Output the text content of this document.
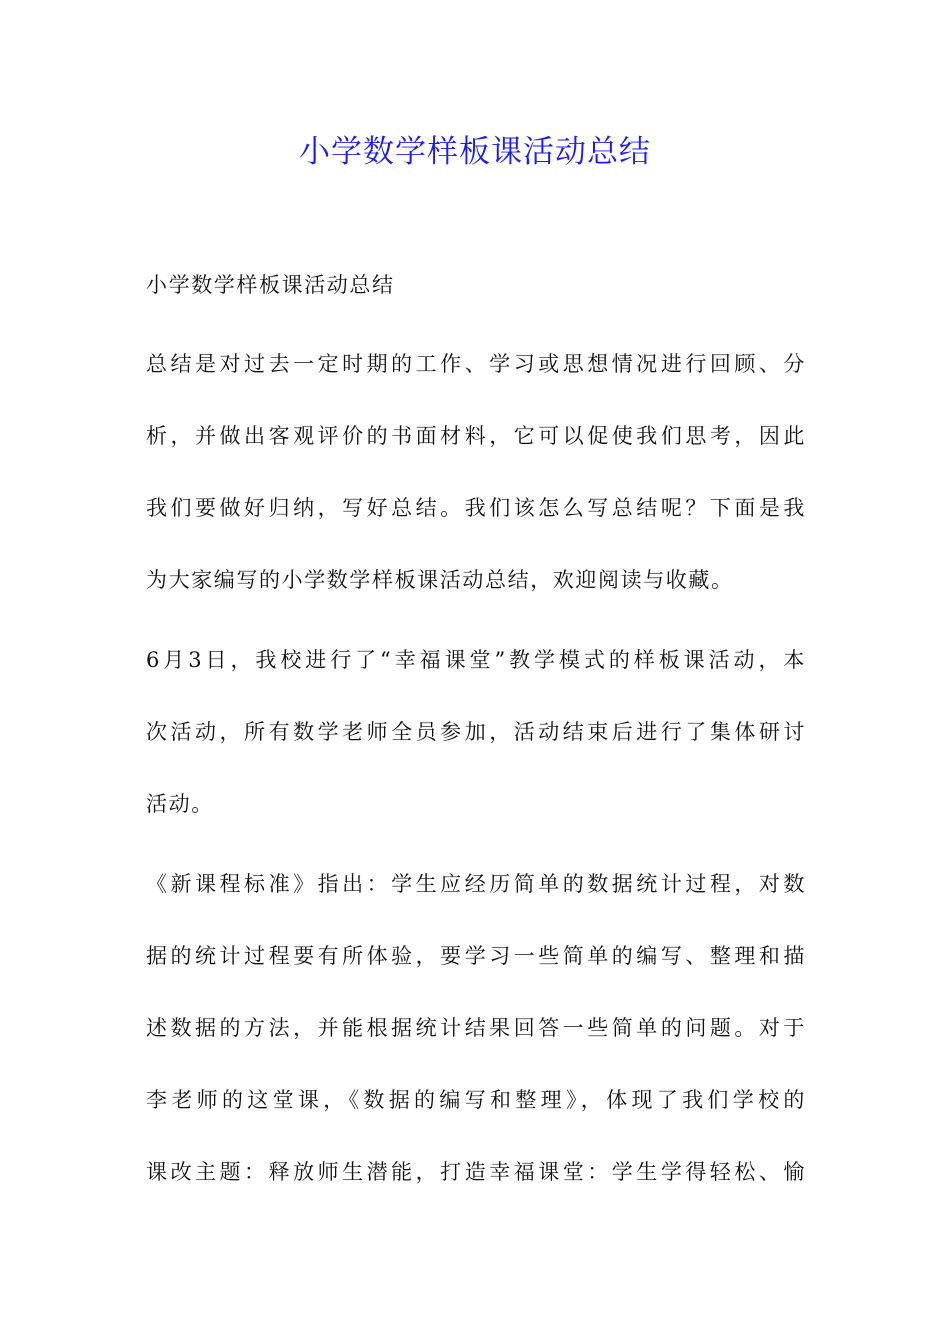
小学数学样板课活动总结
小学数学样板课活动总结
总结是对过去一定时期的工作、学习或思想情况进行回顾、分
析，并做出客观评价的书面材料，它可以促使我们思考，因此
我们要做好归纳，写好总结。我们该怎么写总结呢？下面是我
为大家编写的小学数学样板课活动总结，欢迎阅读与收藏。
6月3日，我校进行了“幸福课堂”教学模式的样板课活动，本
次活动，所有数学老师全员参加，活动结束后进行了集体研讨
活动。
《新课程标准》指出：学生应经历简单的数据统计过程，对数
据的统计过程要有所体验，要学习一些简单的编写、整理和描
述数据的方法，并能根据统计结果回答一些简单的问题。对于
李老师的这堂课，《数据的编写和整理》，体现了我们学校的
课改主题：释放师生潜能，打造幸福课堂：学生学得轻松、愉
